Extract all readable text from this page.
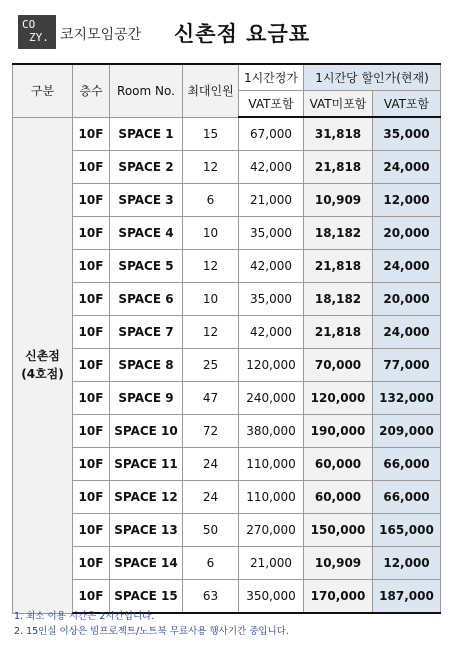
CO
ZY. 코지모임공간 신촌점 요금표
구분	층수	Room No.	최대인원	1시간정가	1시간당 할인가(현재)	
				VAT포함	VAT미포함	VAT포함

신촌점
(4호점)	10F	SPACE 1	15	67,000	31,818	35,000
	10F	SPACE 2	12	42,000	21,818	24,000
	10F	SPACE 3	6	21,000	10,909	12,000
	10F	SPACE 4	10	35,000	18,182	20,000
	10F	SPACE 5	12	42,000	21,818	24,000
	10F	SPACE 6	10	35,000	18,182	20,000
	10F	SPACE 7	12	42,000	21,818	24,000
	10F	SPACE 8	25	120,000	70,000	77,000
	10F	SPACE 9	47	240,000	120,000	132,000
	10F	SPACE 10	72	380,000	190,000	209,000
	10F	SPACE 11	24	110,000	60,000	66,000
	10F	SPACE 12	24	110,000	60,000	66,000
	10F	SPACE 13	50	270,000	150,000	165,000
	10F	SPACE 14	6	21,000	10,909	12,000
	10F	SPACE 15	63	350,000	170,000	187,000
1. 최소 이용 시간은 2시간입니다.
2. 15인실 이상은 빔프로젝트/노트북 무료사용 행사기간 중입니다.
